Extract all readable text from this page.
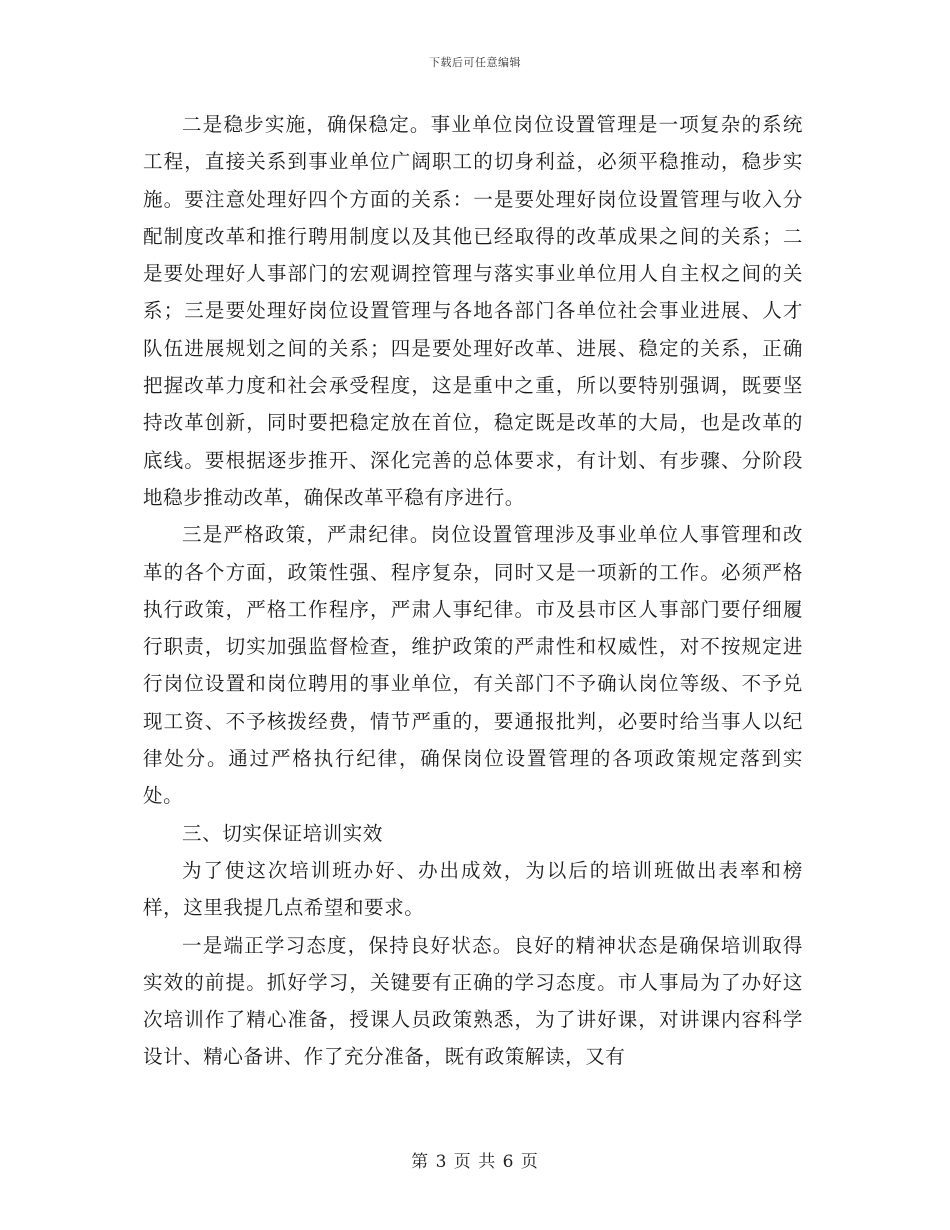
下载后可任意编辑

二是稳步实施，确保稳定。事业单位岗位设置管理是一项复杂的系统工程，直接关系到事业单位广阔职工的切身利益，必须平稳推动，稳步实施。要注意处理好四个方面的关系：一是要处理好岗位设置管理与收入分配制度改革和推行聘用制度以及其他已经取得的改革成果之间的关系；二是要处理好人事部门的宏观调控管理与落实事业单位用人自主权之间的关系；三是要处理好岗位设置管理与各地各部门各单位社会事业进展、人才队伍进展规划之间的关系；四是要处理好改革、进展、稳定的关系，正确把握改革力度和社会承受程度，这是重中之重，所以要特别强调，既要坚持改革创新，同时要把稳定放在首位，稳定既是改革的大局，也是改革的底线。要根据逐步推开、深化完善的总体要求，有计划、有步骤、分阶段地稳步推动改革，确保改革平稳有序进行。

三是严格政策，严肃纪律。岗位设置管理涉及事业单位人事管理和改革的各个方面，政策性强、程序复杂，同时又是一项新的工作。必须严格执行政策，严格工作程序，严肃人事纪律。市及县市区人事部门要仔细履行职责，切实加强监督检查，维护政策的严肃性和权威性，对不按规定进行岗位设置和岗位聘用的事业单位，有关部门不予确认岗位等级、不予兑现工资、不予核拨经费，情节严重的，要通报批判，必要时给当事人以纪律处分。通过严格执行纪律，确保岗位设置管理的各项政策规定落到实处。

三、切实保证培训实效

为了使这次培训班办好、办出成效，为以后的培训班做出表率和榜样，这里我提几点希望和要求。

一是端正学习态度，保持良好状态。良好的精神状态是确保培训取得实效的前提。抓好学习，关键要有正确的学习态度。市人事局为了办好这次培训作了精心准备，授课人员政策熟悉，为了讲好课，对讲课内容科学设计、精心备讲、作了充分准备，既有政策解读，又有

第 3 页 共 6 页
